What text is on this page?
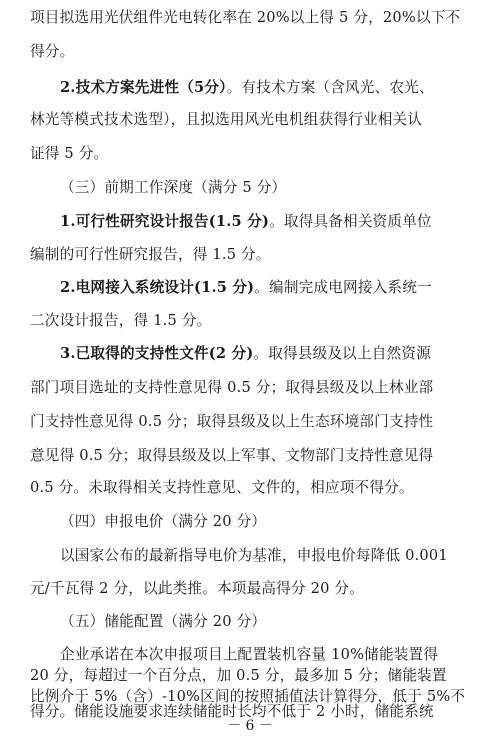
项目拟选用光伏组件光电转化率在 20%以上得 5 分，20%以下不
得分。
2.技术方案先进性（5分）。有技术方案（含风光、农光、
林光等模式技术选型），且拟选用风光电机组获得行业相关认
证得 5 分。
（三）前期工作深度（满分 5 分）
1.可行性研究设计报告(1.5 分)。取得具备相关资质单位
编制的可行性研究报告，得 1.5 分。
2.电网接入系统设计(1.5 分)。编制完成电网接入系统一
二次设计报告，得 1.5 分。
3.已取得的支持性文件(2 分)。取得县级及以上自然资源
部门项目选址的支持性意见得 0.5 分；取得县级及以上林业部
门支持性意见得 0.5 分；取得县级及以上生态环境部门支持性
意见得 0.5 分；取得县级及以上军事、文物部门支持性意见得
0.5 分。未取得相关支持性意见、文件的，相应项不得分。
（四）申报电价（满分 20 分）
以国家公布的最新指导电价为基准，申报电价每降低 0.001
元/千瓦得 2 分，以此类推。本项最高得分 20 分。
（五）储能配置（满分 20 分）
企业承诺在本次申报项目上配置装机容量 10%储能装置得
20 分，每超过一个百分点，加 0.5 分，最多加 5 分；储能装置
比例介于 5%（含）-10%区间的按照插值法计算得分，低于 5%不
得分。储能设施要求连续储能时长均不低于 2 小时，储能系统
－ 6 －
